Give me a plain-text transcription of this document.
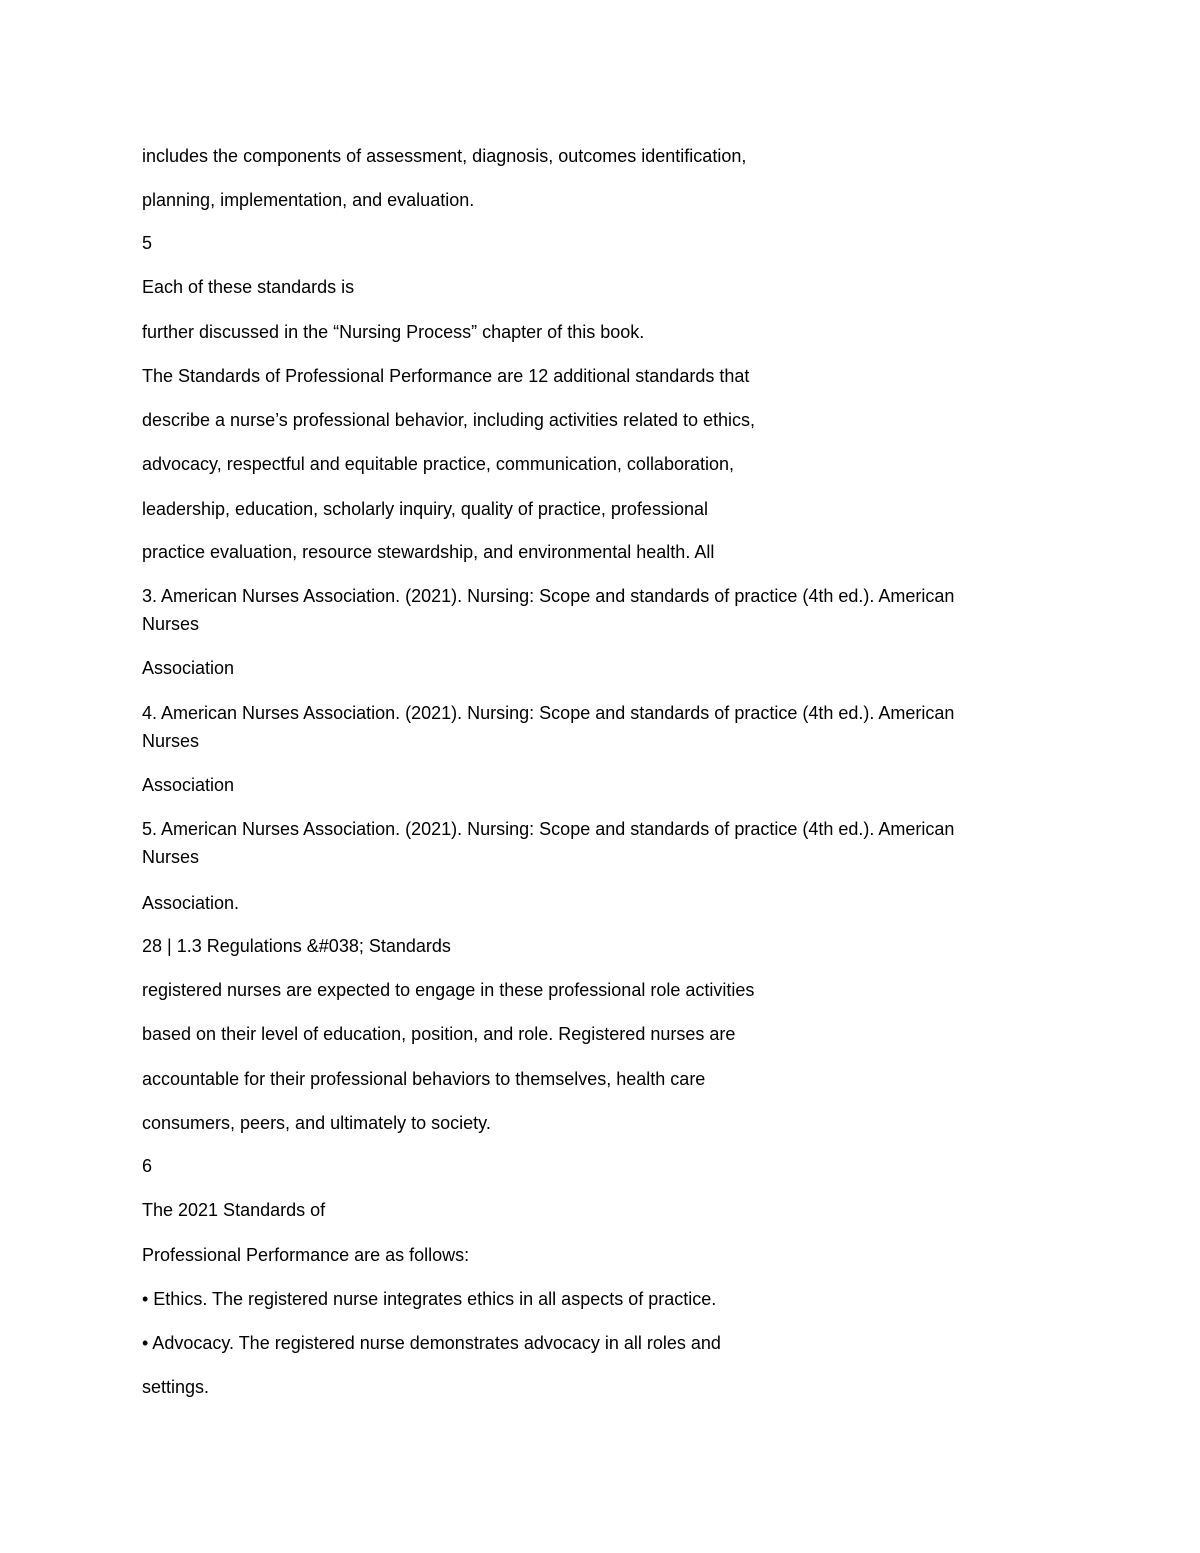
includes the components of assessment, diagnosis, outcomes identification,

planning, implementation, and evaluation.

5

Each of these standards is

further discussed in the “Nursing Process” chapter of this book.

The Standards of Professional Performance are 12 additional standards that

describe a nurse’s professional behavior, including activities related to ethics,

advocacy, respectful and equitable practice, communication, collaboration,

leadership, education, scholarly inquiry, quality of practice, professional

practice evaluation, resource stewardship, and environmental health. All

3. American Nurses Association. (2021). Nursing: Scope and standards of practice (4th ed.). American

Nurses

Association

4. American Nurses Association. (2021). Nursing: Scope and standards of practice (4th ed.). American

Nurses

Association

5. American Nurses Association. (2021). Nursing: Scope and standards of practice (4th ed.). American

Nurses

Association.

28 | 1.3 Regulations &#038; Standards

registered nurses are expected to engage in these professional role activities

based on their level of education, position, and role. Registered nurses are

accountable for their professional behaviors to themselves, health care

consumers, peers, and ultimately to society.

6

The 2021 Standards of

Professional Performance are as follows:

• Ethics. The registered nurse integrates ethics in all aspects of practice.

• Advocacy. The registered nurse demonstrates advocacy in all roles and

settings.
